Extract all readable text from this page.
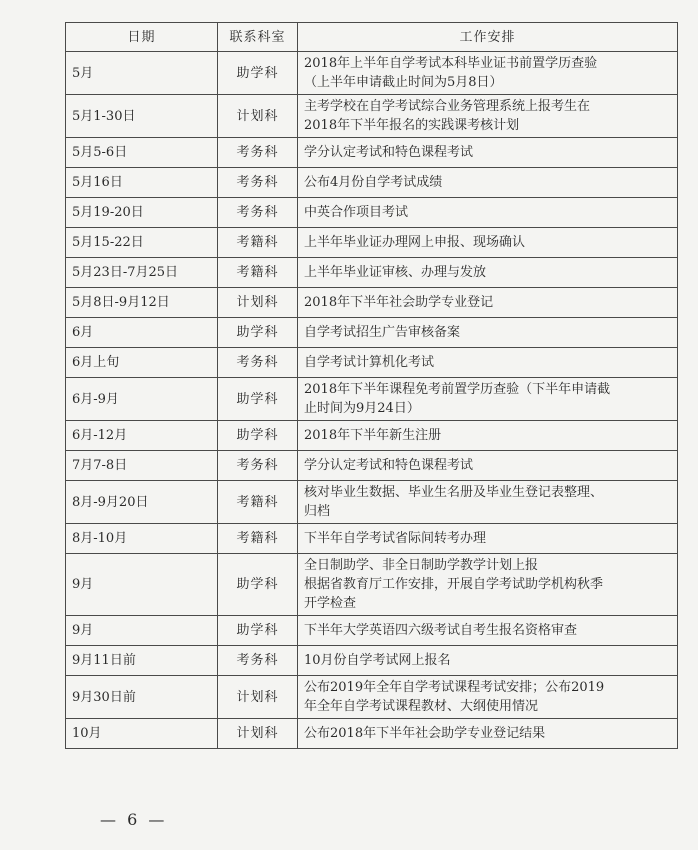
日期	联系科室	工作安排
5月	助学科	2018年上半年自学考试本科毕业证书前置学历查验
（上半年申请截止时间为5月8日）

5月1-30日	计划科	主考学校在自学考试综合业务管理系统上报考生在
2018年下半年报名的实践课考核计划

5月5-6日	考务科	学分认定考试和特色课程考试

5月16日	考务科	公布4月份自学考试成绩

5月19-20日	考务科	中英合作项目考试

5月15-22日	考籍科	上半年毕业证办理网上申报、现场确认

5月23日-7月25日	考籍科	上半年毕业证审核、办理与发放

5月8日-9月12日	计划科	2018年下半年社会助学专业登记

6月	助学科	自学考试招生广告审核备案

6月上旬	考务科	自学考试计算机化考试

6月-9月	助学科	2018年下半年课程免考前置学历查验（下半年申请截
止时间为9月24日）

6月-12月	助学科	2018年下半年新生注册

7月7-8日	考务科	学分认定考试和特色课程考试

8月-9月20日	考籍科	核对毕业生数据、毕业生名册及毕业生登记表整理、
归档

8月-10月	考籍科	下半年自学考试省际间转考办理

9月	助学科	全日制助学、非全日制助学教学计划上报
根据省教育厅工作安排，开展自学考试助学机构秋季
开学检查

9月	助学科	下半年大学英语四六级考试自考生报名资格审查

9月11日前	考务科	10月份自学考试网上报名

9月30日前	计划科	公布2019年全年自学考试课程考试安排；公布2019
年全年自学考试课程教材、大纲使用情况

10月	计划科	公布2018年下半年社会助学专业登记结果
— 6 —
